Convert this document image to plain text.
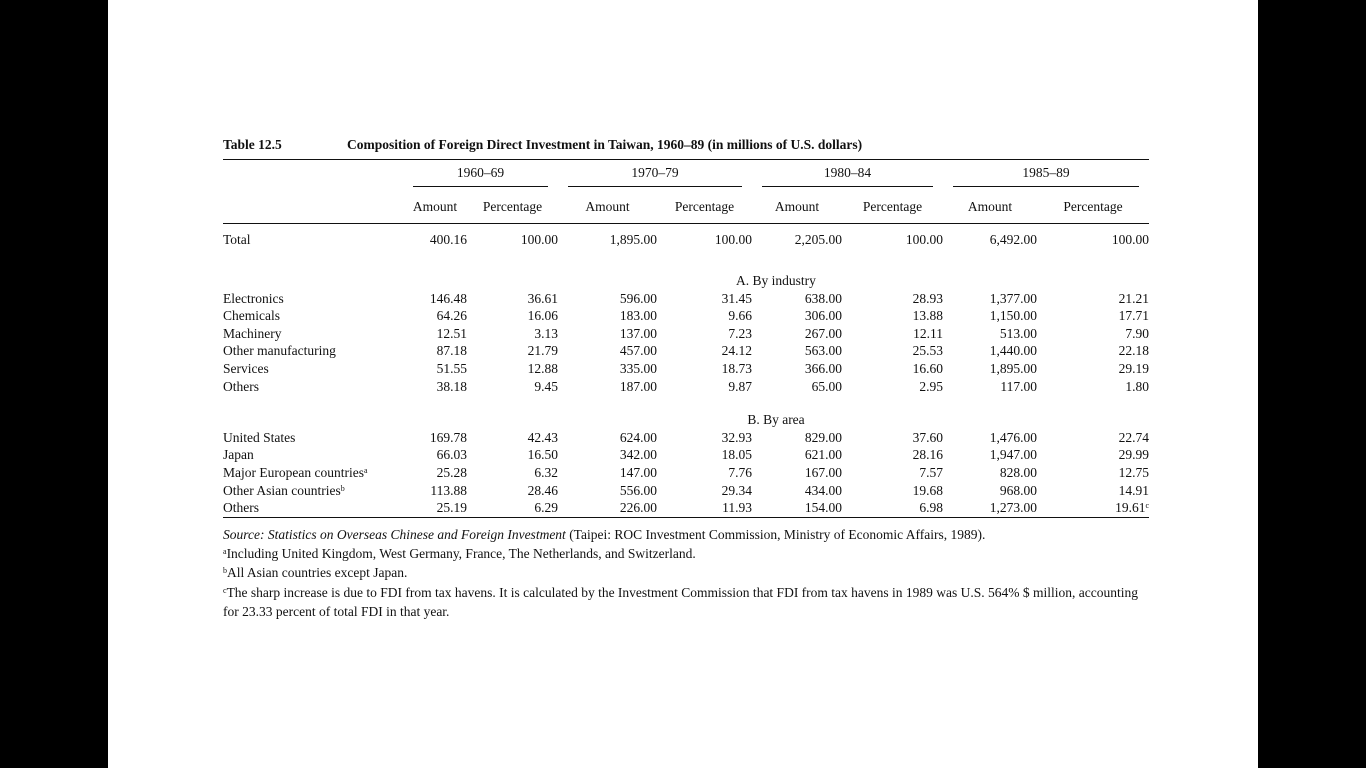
Table 12.5	Composition of Foreign Direct Investment in Taiwan, 1960–89 (in millions of U.S. dollars)

	1960–69		1970–79		1980–84		1985–89	

	Amount	Percentage	Amount	Percentage	Amount	Percentage	Amount	Percentage
Total	400.16	100.00	1,895.00	100.00	2,205.00	100.00	6,492.00	100.00

	A. By industry							
Electronics	146.48	36.61	596.00	31.45	638.00	28.93	1,377.00	21.21
Chemicals	64.26	16.06	183.00	9.66	306.00	13.88	1,150.00	17.71
Machinery	12.51	3.13	137.00	7.23	267.00	12.11	513.00	7.90
Other manufacturing	87.18	21.79	457.00	24.12	563.00	25.53	1,440.00	22.18
Services	51.55	12.88	335.00	18.73	366.00	16.60	1,895.00	29.19
Others	38.18	9.45	187.00	9.87	65.00	2.95	117.00	1.80

	B. By area							
United States	169.78	42.43	624.00	32.93	829.00	37.60	1,476.00	22.74
Japan	66.03	16.50	342.00	18.05	621.00	28.16	1,947.00	29.99
Major European countries$^a$	25.28	6.32	147.00	7.76	167.00	7.57	828.00	12.75
Other Asian countries$^b$	113.88	28.46	556.00	29.34	434.00	19.68	968.00	14.91
Others	25.19	6.29	226.00	11.93	154.00	6.98	1,273.00	19.61$^c$

Source: Statistics on Overseas Chinese and Foreign Investment (Taipei: ROC Investment Commission, Ministry of Economic Affairs, 1989).

$^a$Including United Kingdom, West Germany, France, The Netherlands, and Switzerland.

$^b$All Asian countries except Japan.

$^c$The sharp increase is due to FDI from tax havens. It is calculated by the Investment Commission that FDI from tax havens in 1989 was U.S. 564% $ million, accounting for 23.33 percent of total FDI in that year.
